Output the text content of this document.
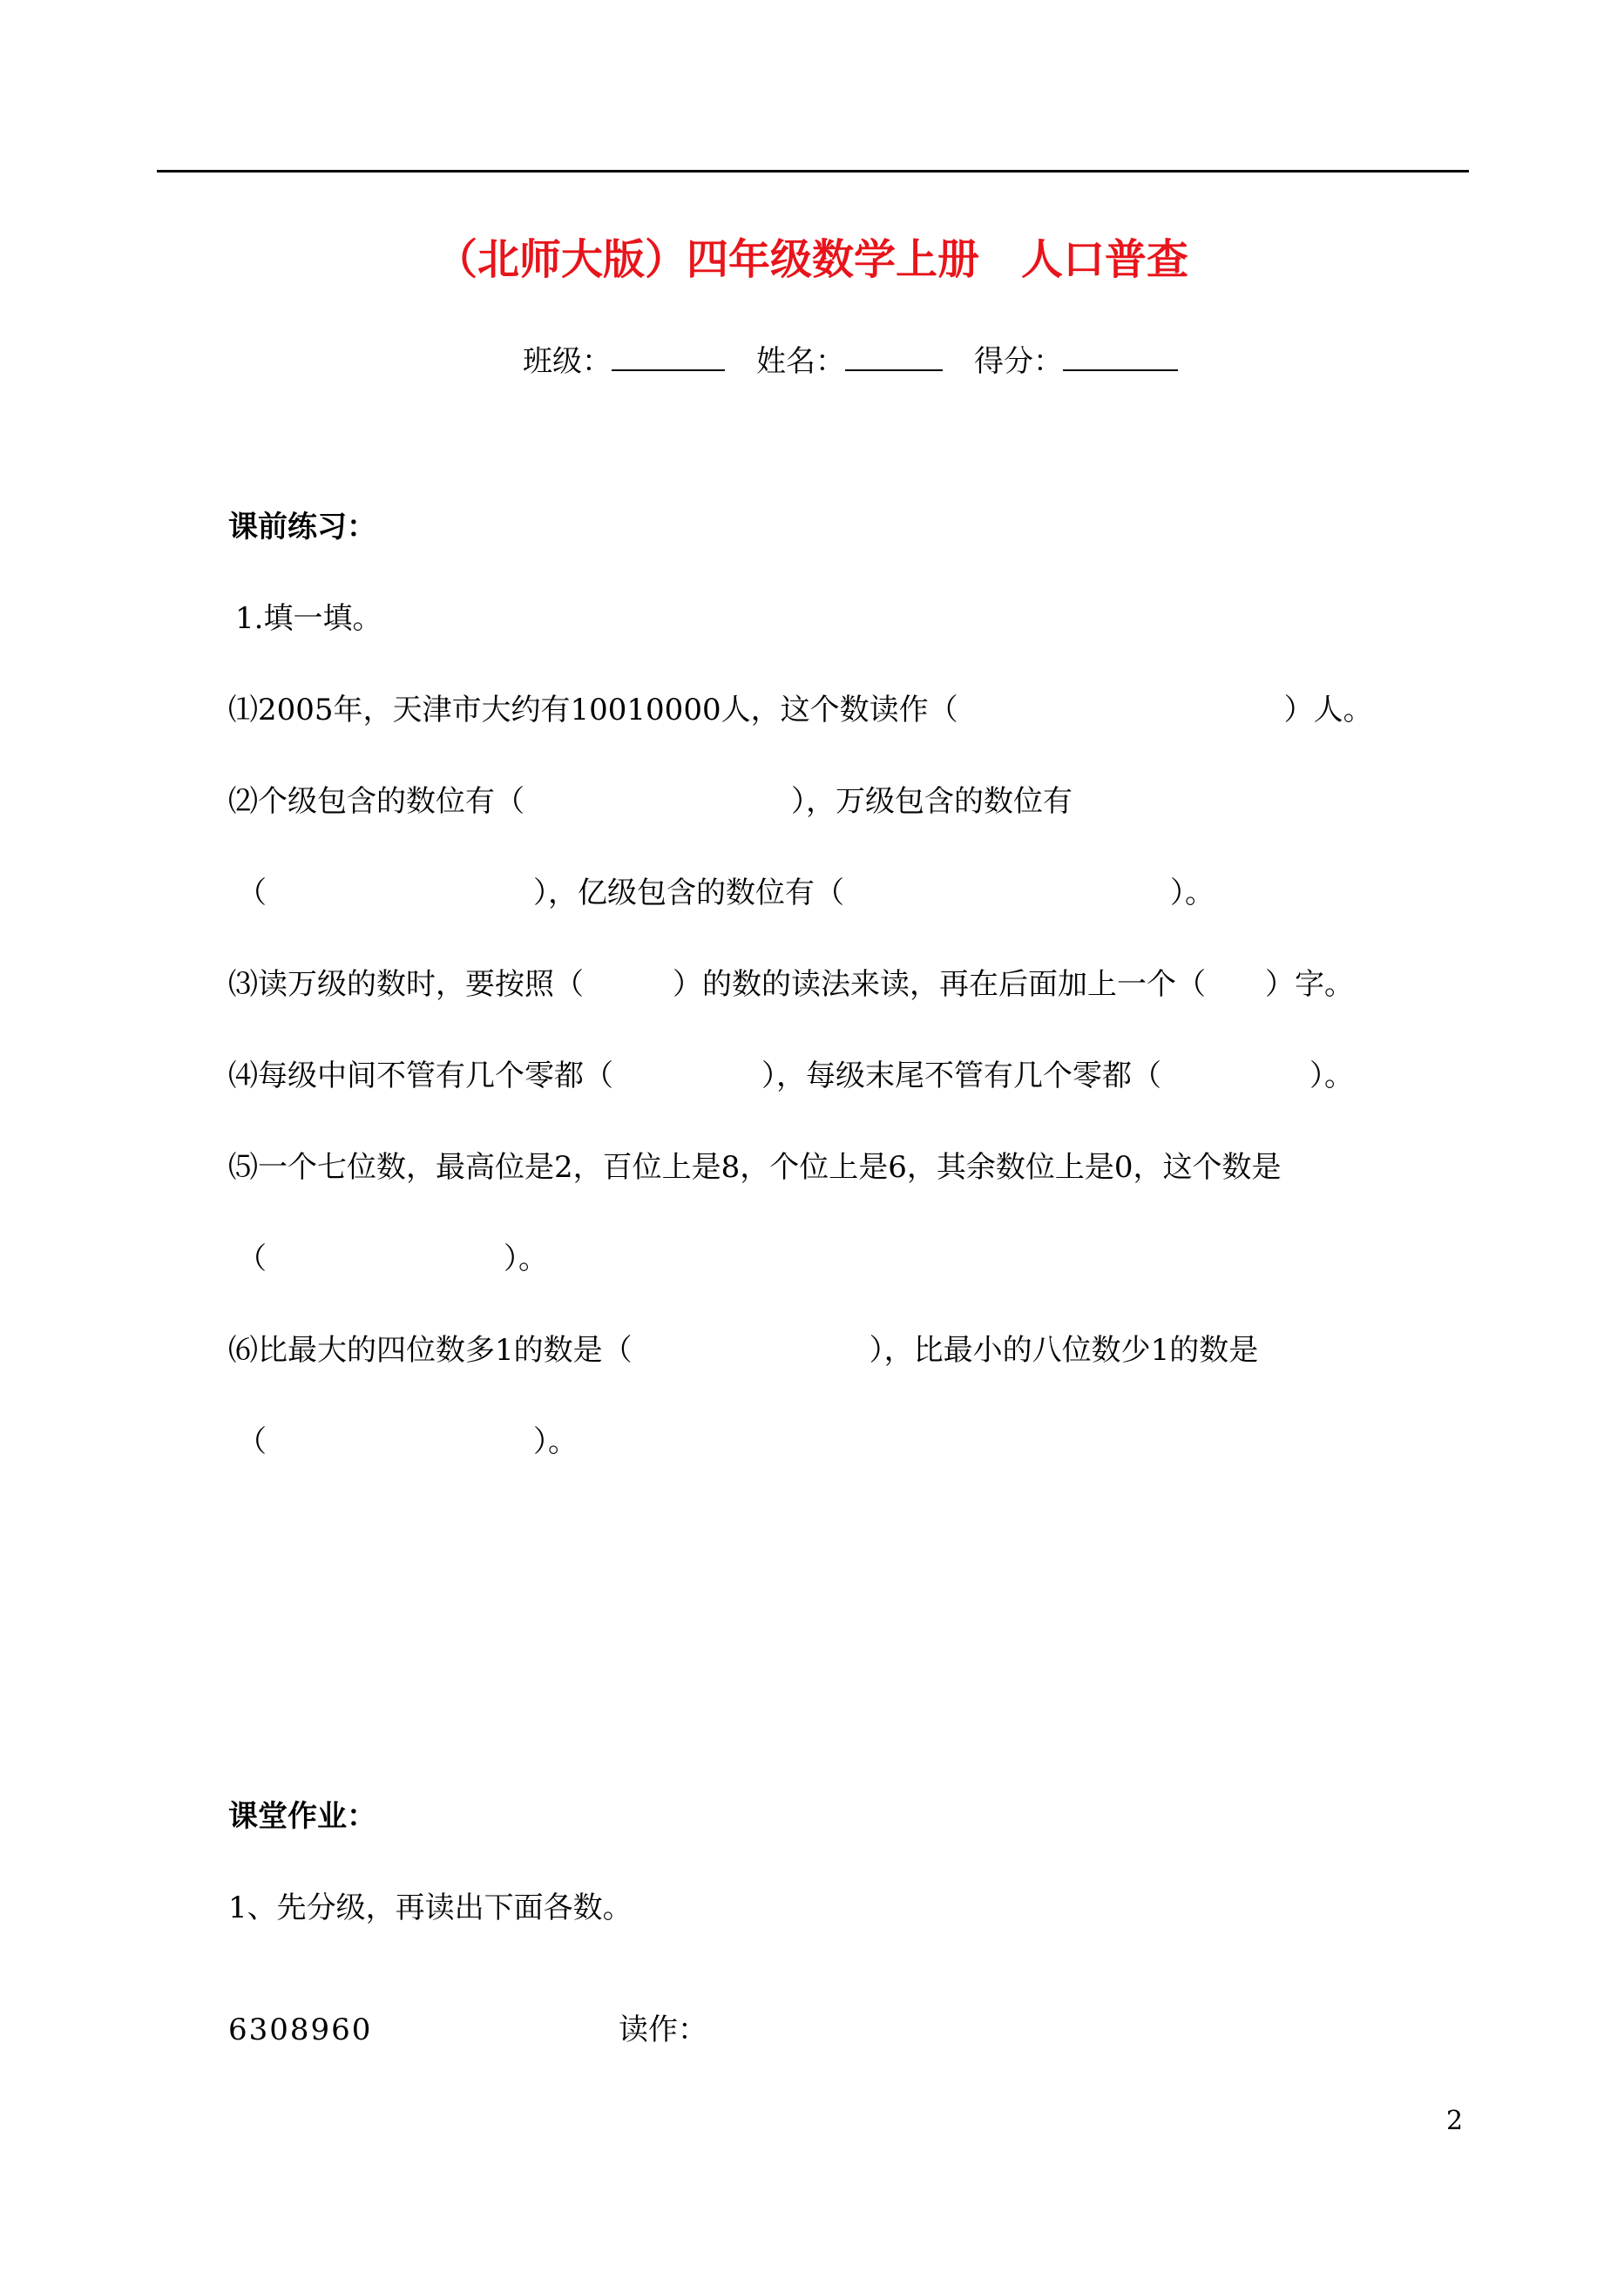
（北师大版）四年级数学上册　人口普查
班级：	姓名：	得分：
课前练习：
1.填一填。
⑴2005年，天津市大约有10010000人，这个数读作（　　　　　　　　　　　）人。
⑵个级包含的数位有（　　　　　　　　　），万级包含的数位有
（　　　　　　　　　），亿级包含的数位有（　　　　　　　　　　　）。
⑶读万级的数时，要按照（　　　）的数的读法来读，再在后面加上一个（　　）字。
⑷每级中间不管有几个零都（　　　　　），每级末尾不管有几个零都（　　　　　）。
⑸一个七位数，最高位是2，百位上是8，个位上是6，其余数位上是0，这个数是
（　　　　　　　　）。
⑹比最大的四位数多1的数是（　　　　　　　　），比最小的八位数少1的数是
（　　　　　　　　　）。
课堂作业：
1、先分级，再读出下面各数。
6308960	读作：
2
